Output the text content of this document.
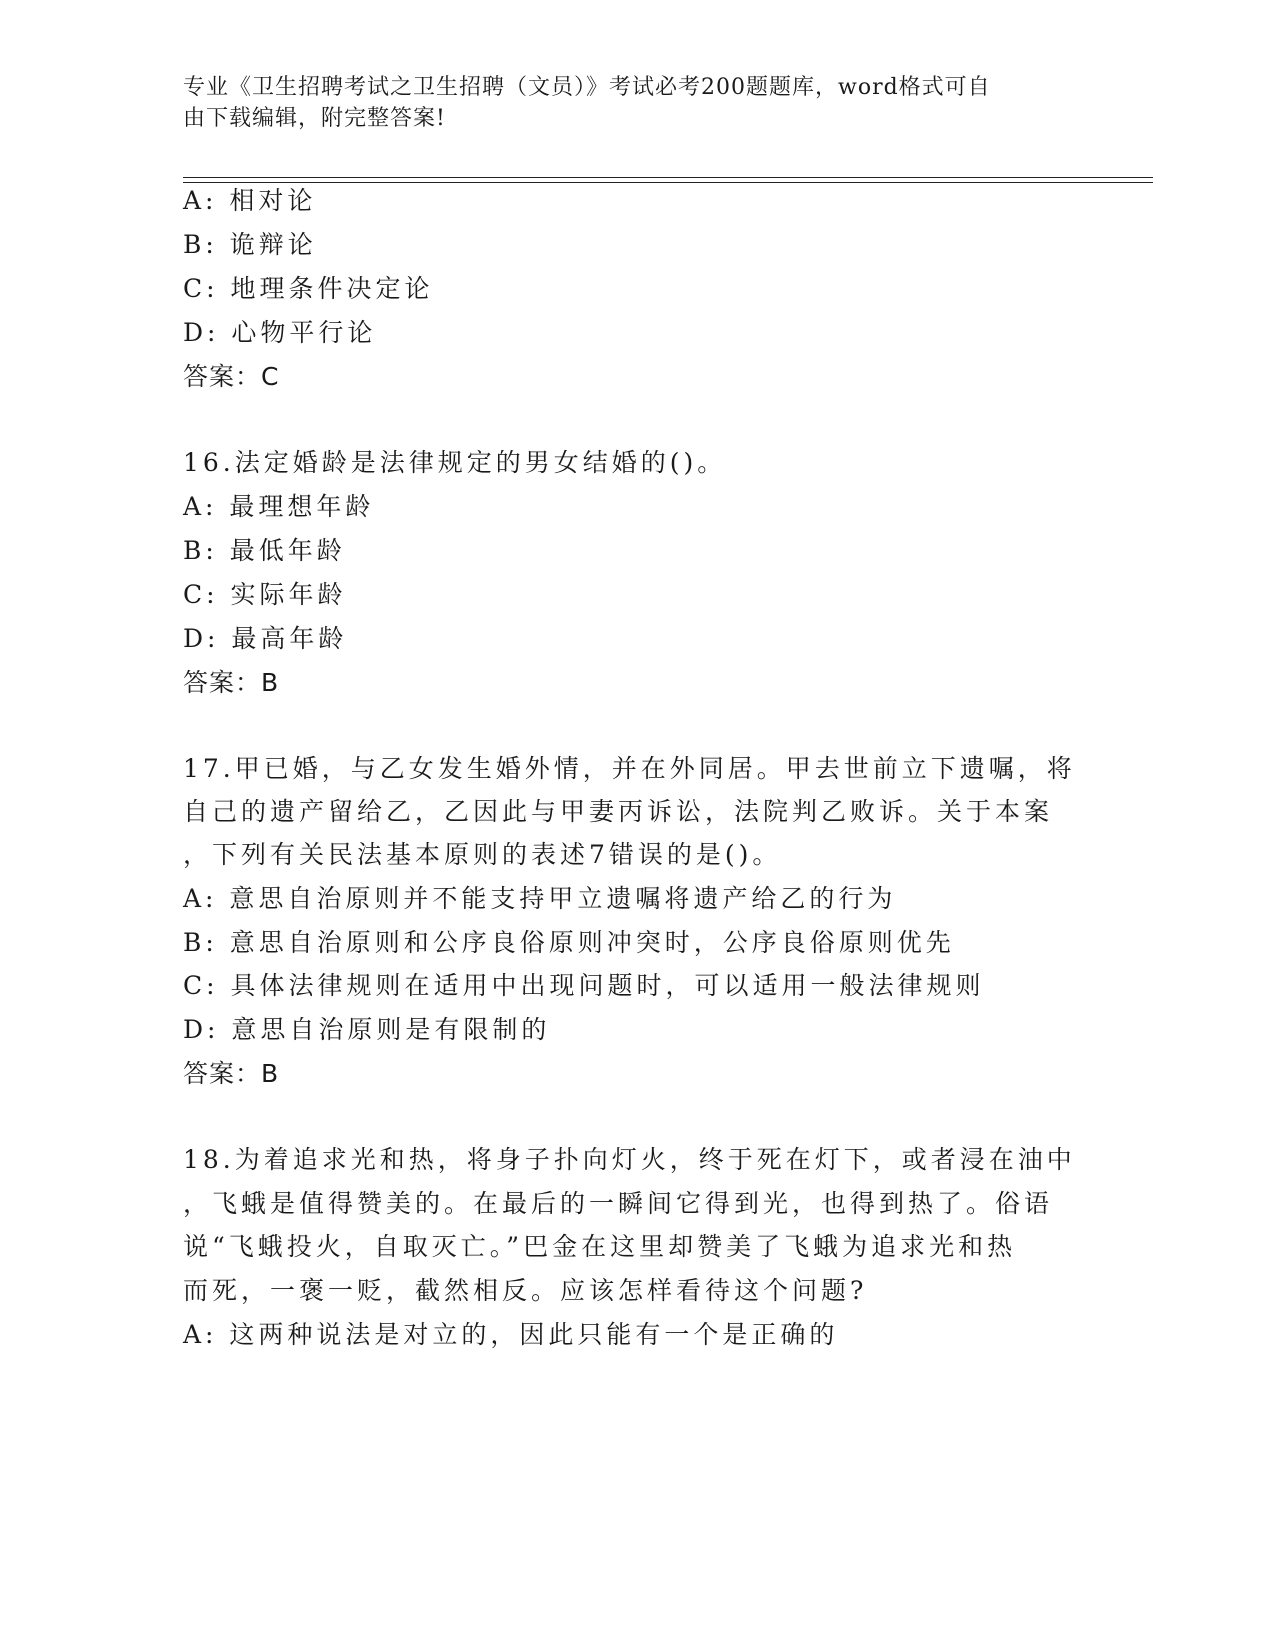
专业《卫生招聘考试之卫生招聘（文员）》考试必考200题题库，word格式可自
由下载编辑，附完整答案!
A: 相对论
B: 诡辩论
C: 地理条件决定论
D: 心物平行论
答案：C
16.法定婚龄是法律规定的男女结婚的()。
A: 最理想年龄
B: 最低年龄
C: 实际年龄
D: 最高年龄
答案：B
17.甲已婚，与乙女发生婚外情，并在外同居。甲去世前立下遗嘱，将
自己的遗产留给乙，乙因此与甲妻丙诉讼，法院判乙败诉。关于本案
，下列有关民法基本原则的表述7错误的是()。
A: 意思自治原则并不能支持甲立遗嘱将遗产给乙的行为
B: 意思自治原则和公序良俗原则冲突时，公序良俗原则优先
C: 具体法律规则在适用中出现问题时，可以适用一般法律规则
D: 意思自治原则是有限制的
答案：B
18.为着追求光和热，将身子扑向灯火，终于死在灯下，或者浸在油中
，飞蛾是值得赞美的。在最后的一瞬间它得到光，也得到热了。俗语
说“飞蛾投火，自取灭亡。”巴金在这里却赞美了飞蛾为追求光和热
而死，一褒一贬，截然相反。应该怎样看待这个问题?
A: 这两种说法是对立的，因此只能有一个是正确的
